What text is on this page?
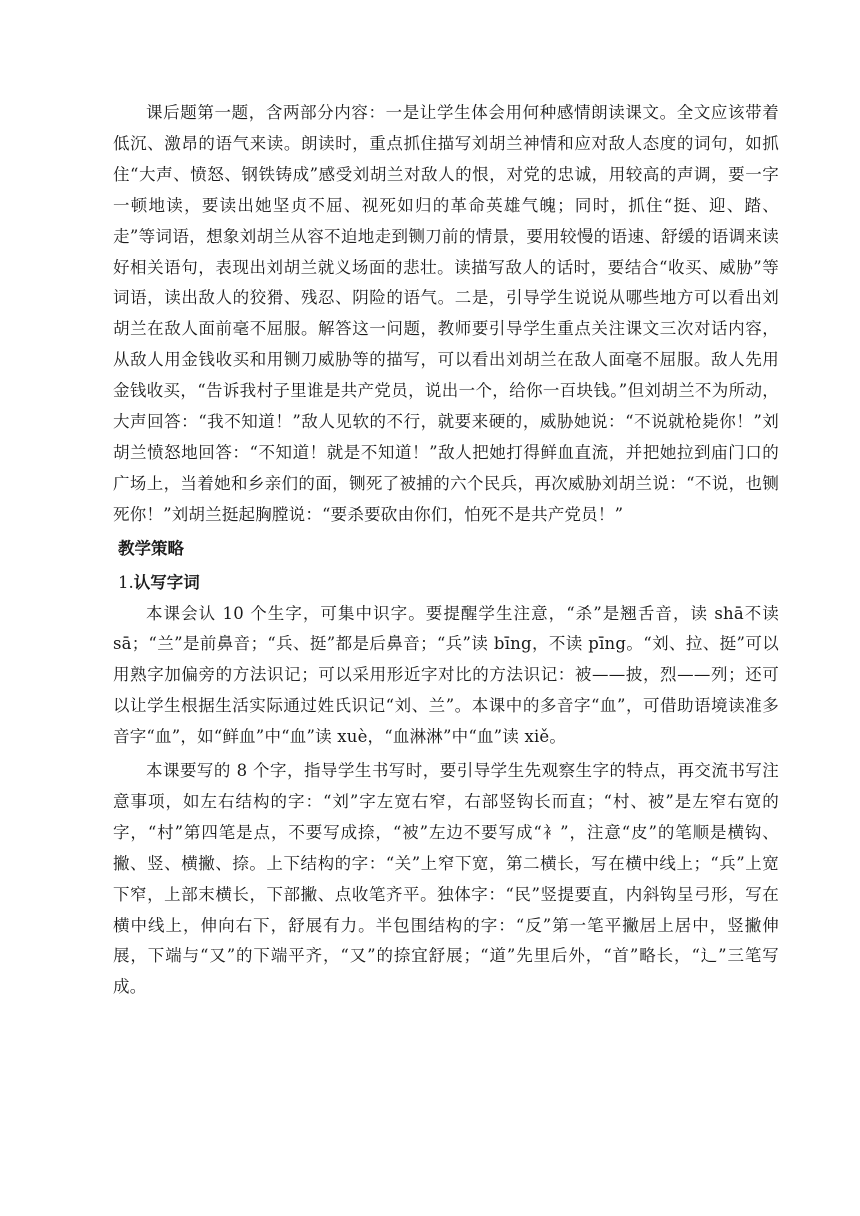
课后题第一题，含两部分内容：一是让学生体会用何种感情朗读课文。全文应该带着低沉、激昂的语气来读。朗读时，重点抓住描写刘胡兰神情和应对敌人态度的词句，如抓住“大声、愤怒、钢铁铸成”感受刘胡兰对敌人的恨，对党的忠诚，用较高的声调，要一字一顿地读，要读出她坚贞不屈、视死如归的革命英雄气魄；同时，抓住“挺、迎、踏、走”等词语，想象刘胡兰从容不迫地走到铡刀前的情景，要用较慢的语速、舒缓的语调来读好相关语句，表现出刘胡兰就义场面的悲壮。读描写敌人的话时，要结合“收买、威胁”等词语，读出敌人的狡猾、残忍、阴险的语气。二是，引导学生说说从哪些地方可以看出刘胡兰在敌人面前毫不屈服。解答这一问题，教师要引导学生重点关注课文三次对话内容，从敌人用金钱收买和用铡刀威胁等的描写，可以看出刘胡兰在敌人面毫不屈服。敌人先用金钱收买，“告诉我村子里谁是共产党员，说出一个，给你一百块钱。”但刘胡兰不为所动，大声回答：“我不知道！”敌人见软的不行，就要来硬的，威胁她说：“不说就枪毙你！”刘胡兰愤怒地回答：“不知道！就是不知道！”敌人把她打得鲜血直流，并把她拉到庙门口的广场上，当着她和乡亲们的面，铡死了被捕的六个民兵，再次威胁刘胡兰说：“不说，也铡死你！”刘胡兰挺起胸膛说：“要杀要砍由你们，怕死不是共产党员！”

教学策略

1.认写字词

本课会认 10 个生字，可集中识字。要提醒学生注意，“杀”是翘舌音，读 shā不读 sā；“兰”是前鼻音；“兵、挺”都是后鼻音；“兵”读 bīng，不读 pīng。“刘、拉、挺”可以用熟字加偏旁的方法识记；可以采用形近字对比的方法识记：被——披，烈——列；还可以让学生根据生活实际通过姓氏识记“刘、兰”。本课中的多音字“血”，可借助语境读准多音字“血”，如“鲜血”中“血”读 xuè，“血淋淋”中“血”读 xiě。

本课要写的 8 个字，指导学生书写时，要引导学生先观察生字的特点，再交流书写注意事项，如左右结构的字：“刘”字左宽右窄，右部竖钩长而直；“村、被”是左窄右宽的字，“村”第四笔是点，不要写成捺，“被”左边不要写成“衤”，注意“皮”的笔顺是横钩、撇、竖、横撇、捺。上下结构的字：“关”上窄下宽，第二横长，写在横中线上；“兵”上宽下窄，上部末横长，下部撇、点收笔齐平。独体字：“民”竖提要直，内斜钩呈弓形，写在横中线上，伸向右下，舒展有力。半包围结构的字：“反”第一笔平撇居上居中，竖撇伸展，下端与“又”的下端平齐，“又”的捺宜舒展；“道”先里后外，“首”略长，“辶”三笔写成。
